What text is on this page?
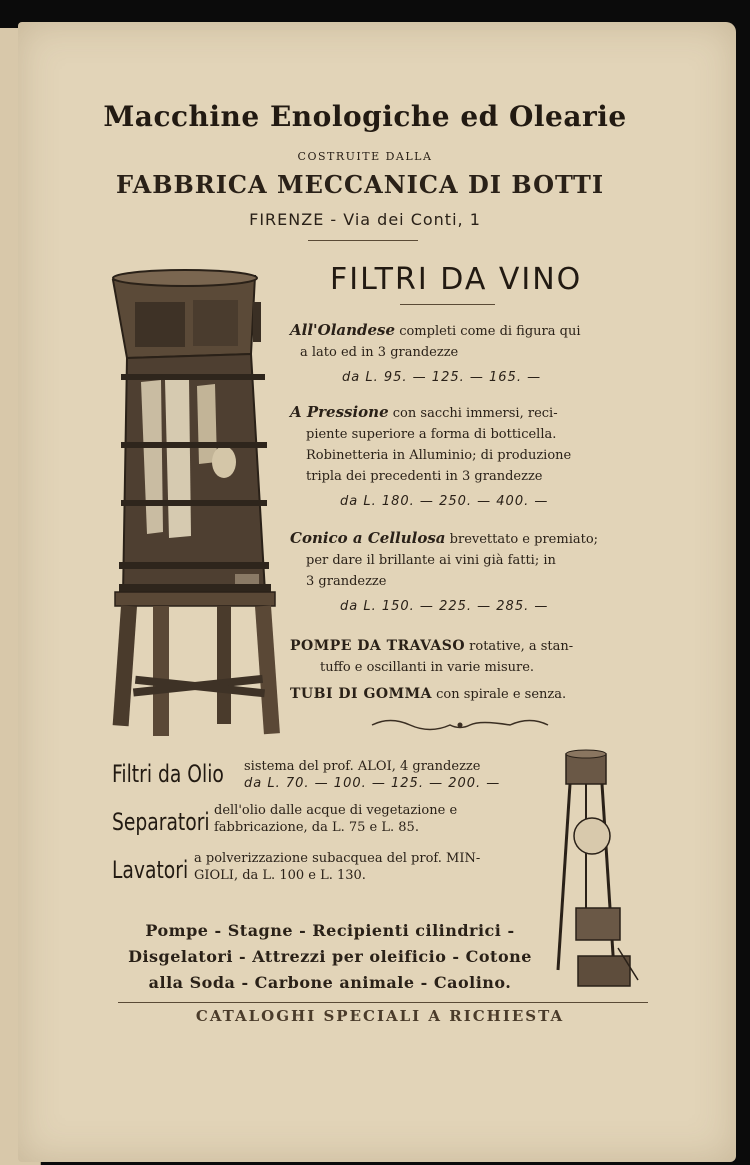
Macchine Enologiche ed Olearie
COSTRUITE DALLA
FABBRICA MECCANICA DI BOTTI
FIRENZE - Via dei Conti, 1
FILTRI DA VINO
All'Olandese completi come di figura qui
a lato ed in 3 grandezze
da L. 95. — 125. — 165. —
A Pressione con sacchi immersi, reci-
piente superiore a forma di botticella.
Robinetteria in Alluminio; di produzione
tripla dei precedenti in 3 grandezze
da L. 180. — 250. — 400. —
Conico a Cellulosa brevettato e premiato;
per dare il brillante ai vini già fatti; in
3 grandezze
da L. 150. — 225. — 285. —
POMPE DA TRAVASO rotative, a stan-
tuffo e oscillanti in varie misure.
TUBI DI GOMMA con spirale e senza.
Filtri da Olio sistema del prof. ALOI, 4 grandezze
da L. 70. — 100. — 125. — 200. —
Separatori dell'olio dalle acque di vegetazione e
fabbricazione, da L. 75 e L. 85.
Lavatori a polverizzazione subacquea del prof. MIN-
GIOLI, da L. 100 e L. 130.
Pompe - Stagne - Recipienti cilindrici -
Disgelatori - Attrezzi per oleificio - Cotone
alla Soda - Carbone animale - Caolino.
CATALOGHI SPECIALI A RICHIESTA
